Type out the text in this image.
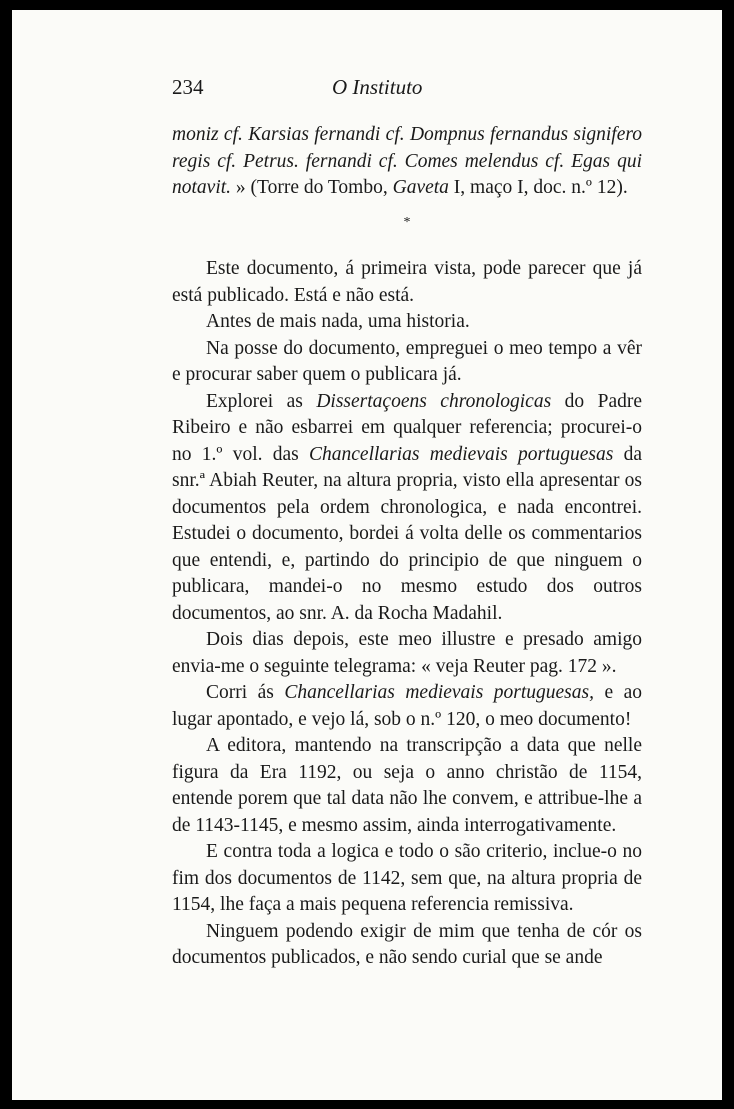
234	O Instituto

moniz cf. Karsias fernandi cf. Dompnus fernandus signifero regis cf. Petrus. fernandi cf. Comes melendus cf. Egas qui notavit. » (Torre do Tombo, Gaveta I, maço I, doc. n.º 12).

*

Este documento, á primeira vista, pode parecer que já está publicado. Está e não está.

Antes de mais nada, uma historia.

Na posse do documento, empreguei o meo tempo a vêr e procurar saber quem o publicara já.

Explorei as Dissertaçoens chronologicas do Padre Ribeiro e não esbarrei em qualquer referencia; procurei-o no 1.º vol. das Chancellarias medievais portuguesas da snr.ª Abiah Reuter, na altura propria, visto ella apresentar os documentos pela ordem chronologica, e nada encontrei. Estudei o documento, bordei á volta delle os commentarios que entendi, e, partindo do principio de que ninguem o publicara, mandei-o no mesmo estudo dos outros documentos, ao snr. A. da Rocha Madahil.

Dois dias depois, este meo illustre e presado amigo envia-me o seguinte telegrama: « veja Reuter pag. 172 ».

Corri ás Chancellarias medievais portuguesas, e ao lugar apontado, e vejo lá, sob o n.º 120, o meo documento!

A editora, mantendo na transcripção a data que nelle figura da Era 1192, ou seja o anno christão de 1154, entende porem que tal data não lhe convem, e attribue-lhe a de 1143-1145, e mesmo assim, ainda interrogativamente.

E contra toda a logica e todo o são criterio, inclue-o no fim dos documentos de 1142, sem que, na altura propria de 1154, lhe faça a mais pequena referencia remissiva.

Ninguem podendo exigir de mim que tenha de cór os documentos publicados, e não sendo curial que se ande
